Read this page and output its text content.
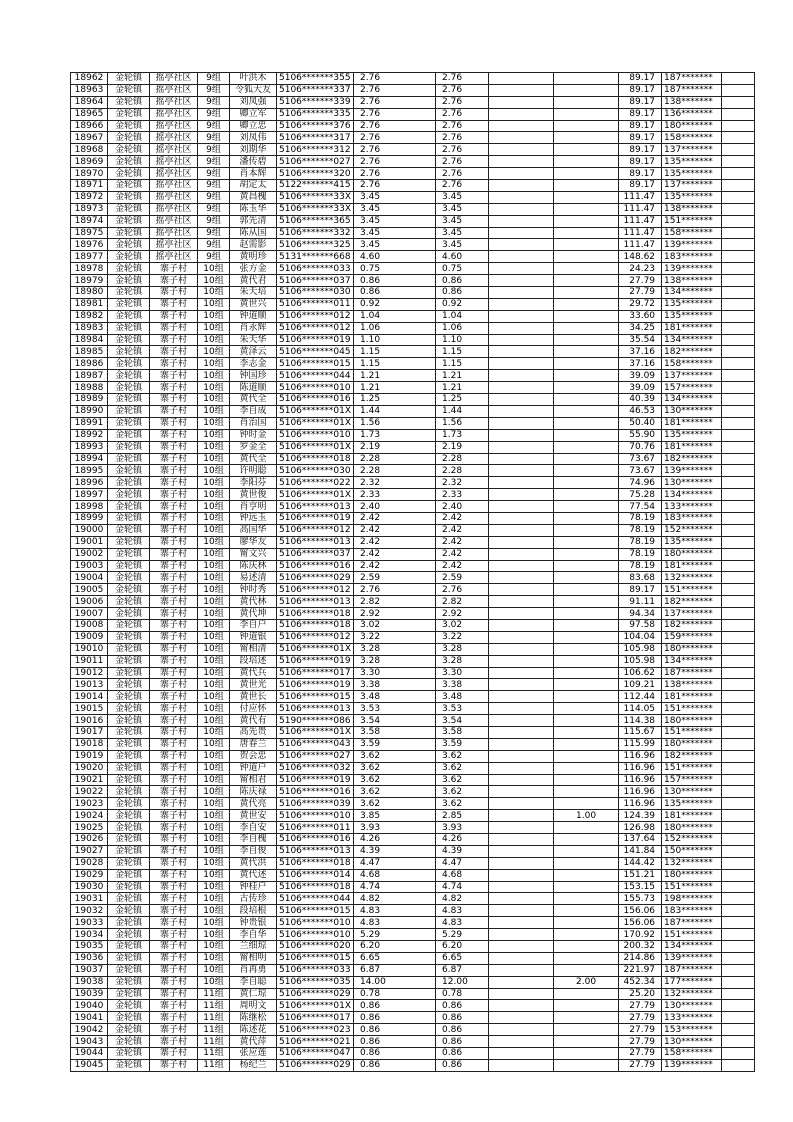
18962	金轮镇	摇亭社区	9组	叶洪木	5106*******355	2.76	2.76			89.17	187*******	
18963	金轮镇	摇亭社区	9组	令狐大友	5106*******337	2.76	2.76			89.17	187*******	
18964	金轮镇	摇亭社区	9组	刘凤强	5106*******339	2.76	2.76			89.17	138*******	
18965	金轮镇	摇亭社区	9组	卿立军	5106*******335	2.76	2.76			89.17	136*******	
18966	金轮镇	摇亭社区	9组	卿立忠	5106*******376	2.76	2.76			89.17	180*******	
18967	金轮镇	摇亭社区	9组	刘凤伟	5106*******317	2.76	2.76			89.17	158*******	
18968	金轮镇	摇亭社区	9组	刘期华	5106*******312	2.76	2.76			89.17	137*******	
18969	金轮镇	摇亭社区	9组	潘传碧	5106*******027	2.76	2.76			89.17	135*******	
18970	金轮镇	摇亭社区	9组	肖本辉	5106*******320	2.76	2.76			89.17	135*******	
18971	金轮镇	摇亭社区	9组	胡定太	5122*******415	2.76	2.76			89.17	137*******	
18972	金轮镇	摇亭社区	9组	黄昌槐	5106*******33X	3.45	3.45			111.47	135*******	
18973	金轮镇	摇亭社区	9组	陈玉华	5106*******33X	3.45	3.45			111.47	138*******	
18974	金轮镇	摇亭社区	9组	郭先清	5106*******365	3.45	3.45			111.47	151*******	
18975	金轮镇	摇亭社区	9组	陈从国	5106*******332	3.45	3.45			111.47	158*******	
18976	金轮镇	摇亭社区	9组	赵需影	5106*******325	3.45	3.45			111.47	139*******	
18977	金轮镇	摇亭社区	9组	黄明珍	5131*******668	4.60	4.60			148.62	183*******	
18978	金轮镇	寨子村	10组	张方金	5106*******033	0.75	0.75			24.23	139*******	
18979	金轮镇	寨子村	10组	黄代君	5106*******037	0.86	0.86			27.79	138*******	
18980	金轮镇	寨子村	10组	朱天培	5106*******030	0.86	0.86			27.79	134*******	
18981	金轮镇	寨子村	10组	黄世兴	5106*******011	0.92	0.92			29.72	135*******	
18982	金轮镇	寨子村	10组	钟道顺	5106*******012	1.04	1.04			33.60	135*******	
18983	金轮镇	寨子村	10组	肖永辉	5106*******012	1.06	1.06			34.25	181*******	
18984	金轮镇	寨子村	10组	朱天华	5106*******019	1.10	1.10			35.54	134*******	
18985	金轮镇	寨子村	10组	黄泽云	5106*******045	1.15	1.15			37.16	182*******	
18986	金轮镇	寨子村	10组	李志金	5106*******015	1.15	1.15			37.16	158*******	
18987	金轮镇	寨子村	10组	钟国珍	5106*******044	1.21	1.21			39.09	137*******	
18988	金轮镇	寨子村	10组	陈道顺	5106*******010	1.21	1.21			39.09	157*******	
18989	金轮镇	寨子村	10组	黄代全	5106*******016	1.25	1.25			40.39	134*******	
18990	金轮镇	寨子村	10组	李自成	5106*******01X	1.44	1.44			46.53	130*******	
18991	金轮镇	寨子村	10组	肖治国	5106*******01X	1.56	1.56			50.40	181*******	
18992	金轮镇	寨子村	10组	钟时金	5106*******010	1.73	1.73			55.90	135*******	
18993	金轮镇	寨子村	10组	罗金全	5106*******01X	2.19	2.19			70.76	181*******	
18994	金轮镇	寨子村	10组	黄代全	5106*******018	2.28	2.28			73.67	182*******	
18995	金轮镇	寨子村	10组	许明聪	5106*******030	2.28	2.28			73.67	139*******	
18996	金轮镇	寨子村	10组	李阳芬	5106*******022	2.32	2.32			74.96	130*******	
18997	金轮镇	寨子村	10组	黄世俊	5106*******01X	2.33	2.33			75.28	134*******	
18998	金轮镇	寨子村	10组	肖亨明	5106*******013	2.40	2.40			77.54	133*******	
18999	金轮镇	寨子村	10组	钟远玉	5106*******019	2.42	2.42			78.19	183*******	
19000	金轮镇	寨子村	10组	高国华	5106*******012	2.42	2.42			78.19	152*******	
19001	金轮镇	寨子村	10组	廖华友	5106*******013	2.42	2.42			78.19	135*******	
19002	金轮镇	寨子村	10组	甯文兴	5106*******037	2.42	2.42			78.19	180*******	
19003	金轮镇	寨子村	10组	陈庆林	5106*******016	2.42	2.42			78.19	181*******	
19004	金轮镇	寨子村	10组	易述清	5106*******029	2.59	2.59			83.68	132*******	
19005	金轮镇	寨子村	10组	钟时秀	5106*******012	2.76	2.76			89.17	151*******	
19006	金轮镇	寨子村	10组	黄代林	5106*******013	2.82	2.82			91.11	182*******	
19007	金轮镇	寨子村	10组	黄代坤	5106*******018	2.92	2.92			94.34	137*******	
19008	金轮镇	寨子村	10组	李自户	5106*******018	3.02	3.02			97.58	182*******	
19009	金轮镇	寨子村	10组	钟道银	5106*******012	3.22	3.22			104.04	159*******	
19010	金轮镇	寨子村	10组	甯相清	5106*******01X	3.28	3.28			105.98	180*******	
19011	金轮镇	寨子村	10组	段培述	5106*******019	3.28	3.28			105.98	134*******	
19012	金轮镇	寨子村	10组	黄代兵	5106*******017	3.30	3.30			106.62	187*******	
19013	金轮镇	寨子村	10组	黄世光	5106*******019	3.38	3.38			109.21	138*******	
19014	金轮镇	寨子村	10组	黄世长	5106*******015	3.48	3.48			112.44	181*******	
19015	金轮镇	寨子村	10组	付应怀	5106*******013	3.53	3.53			114.05	151*******	
19016	金轮镇	寨子村	10组	黄代有	5190*******086	3.54	3.54			114.38	180*******	
19017	金轮镇	寨子村	10组	高先贵	5106*******01X	3.58	3.58			115.67	151*******	
19018	金轮镇	寨子村	10组	唐春兰	5106*******043	3.59	3.59			115.99	180*******	
19019	金轮镇	寨子村	10组	贺会忠	5106*******027	3.62	3.62			116.96	182*******	
19020	金轮镇	寨子村	10组	钟道户	5106*******032	3.62	3.62			116.96	151*******	
19021	金轮镇	寨子村	10组	甯相君	5106*******019	3.62	3.62			116.96	157*******	
19022	金轮镇	寨子村	10组	陈庆禄	5106*******016	3.62	3.62			116.96	130*******	
19023	金轮镇	寨子村	10组	黄代亮	5106*******039	3.62	3.62			116.96	135*******	
19024	金轮镇	寨子村	10组	黄世安	5106*******010	3.85	2.85		1.00	124.39	181*******	
19025	金轮镇	寨子村	10组	李自安	5106*******011	3.93	3.93			126.98	180*******	
19026	金轮镇	寨子村	10组	李自槐	5106*******016	4.26	4.26			137.64	152*******	
19027	金轮镇	寨子村	10组	李自俊	5106*******013	4.39	4.39			141.84	150*******	
19028	金轮镇	寨子村	10组	黄代洪	5106*******018	4.47	4.47			144.42	132*******	
19029	金轮镇	寨子村	10组	黄代述	5106*******014	4.68	4.68			151.21	180*******	
19030	金轮镇	寨子村	10组	钟桂户	5106*******018	4.74	4.74			153.15	151*******	
19031	金轮镇	寨子村	10组	古传珍	5106*******044	4.82	4.82			155.73	198*******	
19032	金轮镇	寨子村	10组	段培根	5106*******015	4.83	4.83			156.06	183*******	
19033	金轮镇	寨子村	10组	钟贵银	5106*******010	4.83	4.83			156.06	187*******	
19034	金轮镇	寨子村	10组	李自华	5106*******010	5.29	5.29			170.92	151*******	
19035	金轮镇	寨子村	10组	兰细琼	5106*******020	6.20	6.20			200.32	134*******	
19036	金轮镇	寨子村	10组	甯相明	5106*******015	6.65	6.65			214.86	139*******	
19037	金轮镇	寨子村	10组	肖再勇	5106*******033	6.87	6.87			221.97	187*******	
19038	金轮镇	寨子村	10组	李自聪	5106*******035	14.00	12.00		2.00	452.34	177*******	
19039	金轮镇	寨子村	11组	黄仁琼	5106*******029	0.78	0.78			25.20	132*******	
19040	金轮镇	寨子村	11组	周明文	5106*******01X	0.86	0.86			27.79	130*******	
19041	金轮镇	寨子村	11组	陈继松	5106*******017	0.86	0.86			27.79	133*******	
19042	金轮镇	寨子村	11组	陈述花	5106*******023	0.86	0.86			27.79	153*******	
19043	金轮镇	寨子村	11组	黄代萍	5106*******021	0.86	0.86			27.79	130*******	
19044	金轮镇	寨子村	11组	张应莲	5106*******047	0.86	0.86			27.79	158*******	
19045	金轮镇	寨子村	11组	杨纪兰	5106*******029	0.86	0.86			27.79	139*******	
